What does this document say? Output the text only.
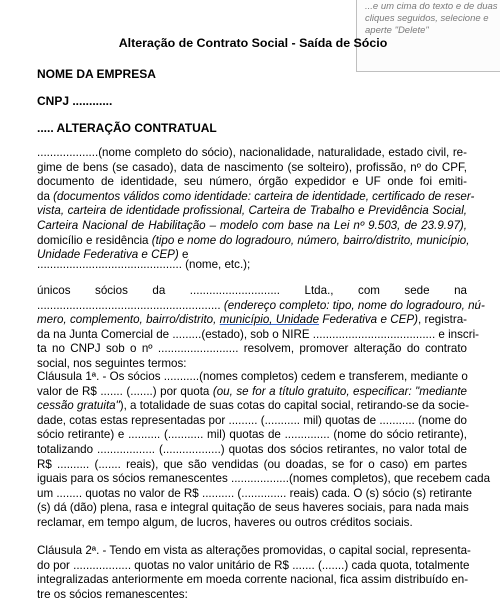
...e um cima do texto e de duas
cliques seguidos, selecione e
aperte "Delete"
Alteração de Contrato Social - Saída de Sócio
NOME DA EMPRESA
CNPJ ............
..... ALTERAÇÃO CONTRATUAL
...................(nome completo do sócio), nacionalidade, naturalidade, estado civil, re-
gime de bens (se casado), data de nascimento (se solteiro), profissão, nº do CPF,
documento de identidade, seu número, órgão expedidor e UF onde foi emiti-
da (documentos válidos como identidade: carteira de identidade, certificado de reser-
vista, carteira de identidade profissional, Carteira de Trabalho e Previdência Social,
Carteira Nacional de Habilitação – modelo com base na Lei nº 9.503, de 23.9.97),
domicílio e residência (tipo e nome do logradouro, número, bairro/distrito, município,
Unidade Federativa e CEP) e
............................................. (nome, etc.);
únicos sócios da ............................ Ltda., com sede na
......................................................... (endereço completo: tipo, nome do logradouro, nú-
mero, complemento, bairro/distrito, município, Unidade Federativa e CEP), registra-
da na Junta Comercial de .........(estado), sob o NIRE ...................................... e inscri-
ta no CNPJ sob o nº ......................... resolvem, promover alteração do contrato
social, nos seguintes termos:
Cláusula 1ª. - Os sócios ...........(nomes completos) cedem e transferem, mediante o
valor de R$ ....... (.......) por quota (ou, se for a título gratuito, especificar: "mediante
cessão gratuita"), a totalidade de suas cotas do capital social, retirando-se da socie-
dade, cotas estas representadas por ......... (........... mil) quotas de ........... (nome do
sócio retirante) e .......... (........... mil) quotas de .............. (nome do sócio retirante),
totalizando .................. (..................) quotas dos sócios retirantes, no valor total de
R$ .......... (....... reais), que são vendidas (ou doadas, se for o caso) em partes
iguais para os sócios remanescentes ..................(nomes completos), que recebem cada
um ........ quotas no valor de R$ .......... (.............. reais) cada. O (s) sócio (s) retirante
(s) dá (dão) plena, rasa e integral quitação de seus haveres sociais, para nada mais
reclamar, em tempo algum, de lucros, haveres ou outros créditos sociais.
Cláusula 2ª. - Tendo em vista as alterações promovidas, o capital social, representa-
do por .................. quotas no valor unitário de R$ ....... (.......) cada quota, totalmente
integralizadas anteriormente em moeda corrente nacional, fica assim distribuído en-
tre os sócios remanescentes:
